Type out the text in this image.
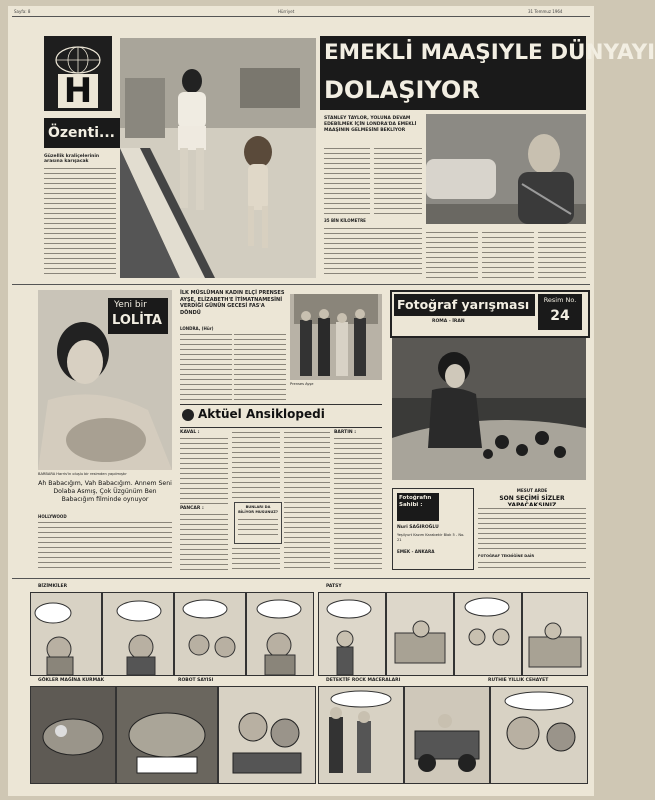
Sayfa: 8	Hürriyet	31 Temmuz 1964
H
Özenti...
Güzellik kraliçelerinin arasına karışacak
EMEKLİ MAAŞIYLE DÜNYAYI
DOLAŞIYOR
STANLEY TAYLOR, YOLUNA DEVAM EDEBİLMEK İÇİN LONDRA'DA EMEKLİ MAAŞININ GELMESİNİ BEKLİYOR
35 BİN KİLOMETRE
Yeni bir
LOLİTA
BARBARA Harris'in oluşlu bir resimden yapılmıştır
Ah Babacığım, Vah Babacığım. Annem Seni Dolaba Asmış, Çok Üzgünüm Ben Babacığım filminde oynuyor
HOLLYWOOD
İLK MÜSLÜMAN KADIN ELÇİ PRENSES AYŞE, ELİZABETH'E İTİMATNAMESİNİ VERDİĞİ GÜNÜN GECESİ FAS'A DÖNDÜ
LONDRA, (Hür)
Prenses Ayşe
Aktüel Ansiklopedi
KAVAL :
PANCAR :	BUNLARI DA BİLİYOR MUSUNUZ?
BARTIN :
Fotoğraf yarışması
ROMA - İRAN
Resim No.
24
Fotoğrafın Sahibi :
Nuri SAĞIROĞLU
Yeşilyurt Kazım Karabekir Blok 5 - No. 21
EMEK - ANKARA
MESUT ARDE
SON SEÇİMİ SİZLER
FOTOĞRAF TEKNİĞİNE DAİR
BİZİMKİLER	PATSY
GÖKLER MAĞİNA KURMAK	ROBOT SAYISI	DETEKTİF ROCK MACERALARI	RUTHIE YILLIK CEHAYET
